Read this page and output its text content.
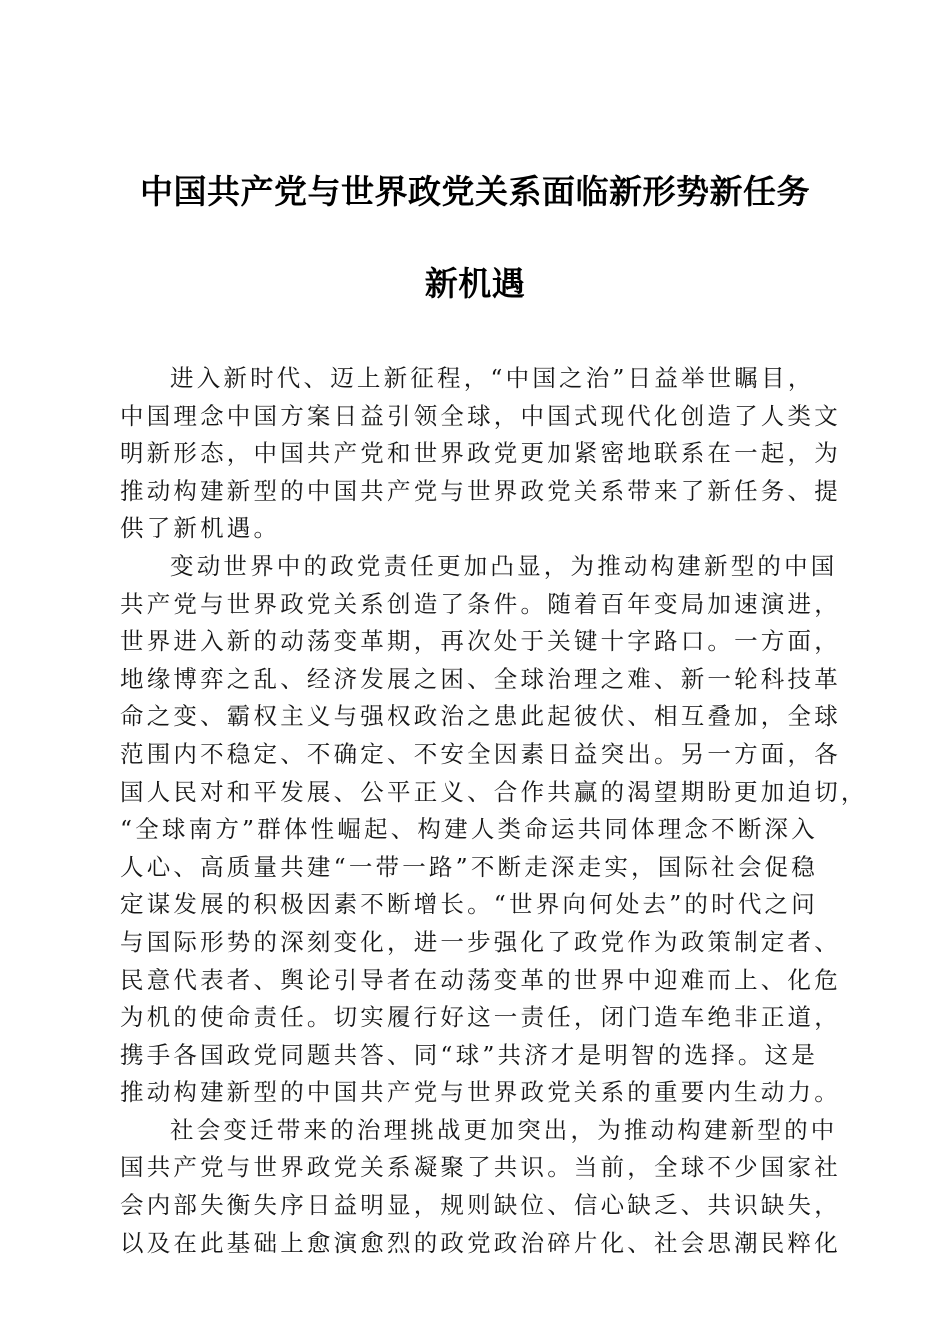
中国共产党与世界政党关系面临新形势新任务
新机遇
进入新时代、迈上新征程，“中国之治”日益举世瞩目，
中国理念中国方案日益引领全球，中国式现代化创造了人类文
明新形态，中国共产党和世界政党更加紧密地联系在一起，为
推动构建新型的中国共产党与世界政党关系带来了新任务、提
供了新机遇。
变动世界中的政党责任更加凸显，为推动构建新型的中国
共产党与世界政党关系创造了条件。随着百年变局加速演进，
世界进入新的动荡变革期，再次处于关键十字路口。一方面，
地缘博弈之乱、经济发展之困、全球治理之难、新一轮科技革
命之变、霸权主义与强权政治之患此起彼伏、相互叠加，全球
范围内不稳定、不确定、不安全因素日益突出。另一方面，各
国人民对和平发展、公平正义、合作共赢的渴望期盼更加迫切，
“全球南方”群体性崛起、构建人类命运共同体理念不断深入
人心、高质量共建“一带一路”不断走深走实，国际社会促稳
定谋发展的积极因素不断增长。“世界向何处去”的时代之问
与国际形势的深刻变化，进一步强化了政党作为政策制定者、
民意代表者、舆论引导者在动荡变革的世界中迎难而上、化危
为机的使命责任。切实履行好这一责任，闭门造车绝非正道，
携手各国政党同题共答、同“球”共济才是明智的选择。这是
推动构建新型的中国共产党与世界政党关系的重要内生动力。
社会变迁带来的治理挑战更加突出，为推动构建新型的中
国共产党与世界政党关系凝聚了共识。当前，全球不少国家社
会内部失衡失序日益明显，规则缺位、信心缺乏、共识缺失，
以及在此基础上愈演愈烈的政党政治碎片化、社会思潮民粹化
